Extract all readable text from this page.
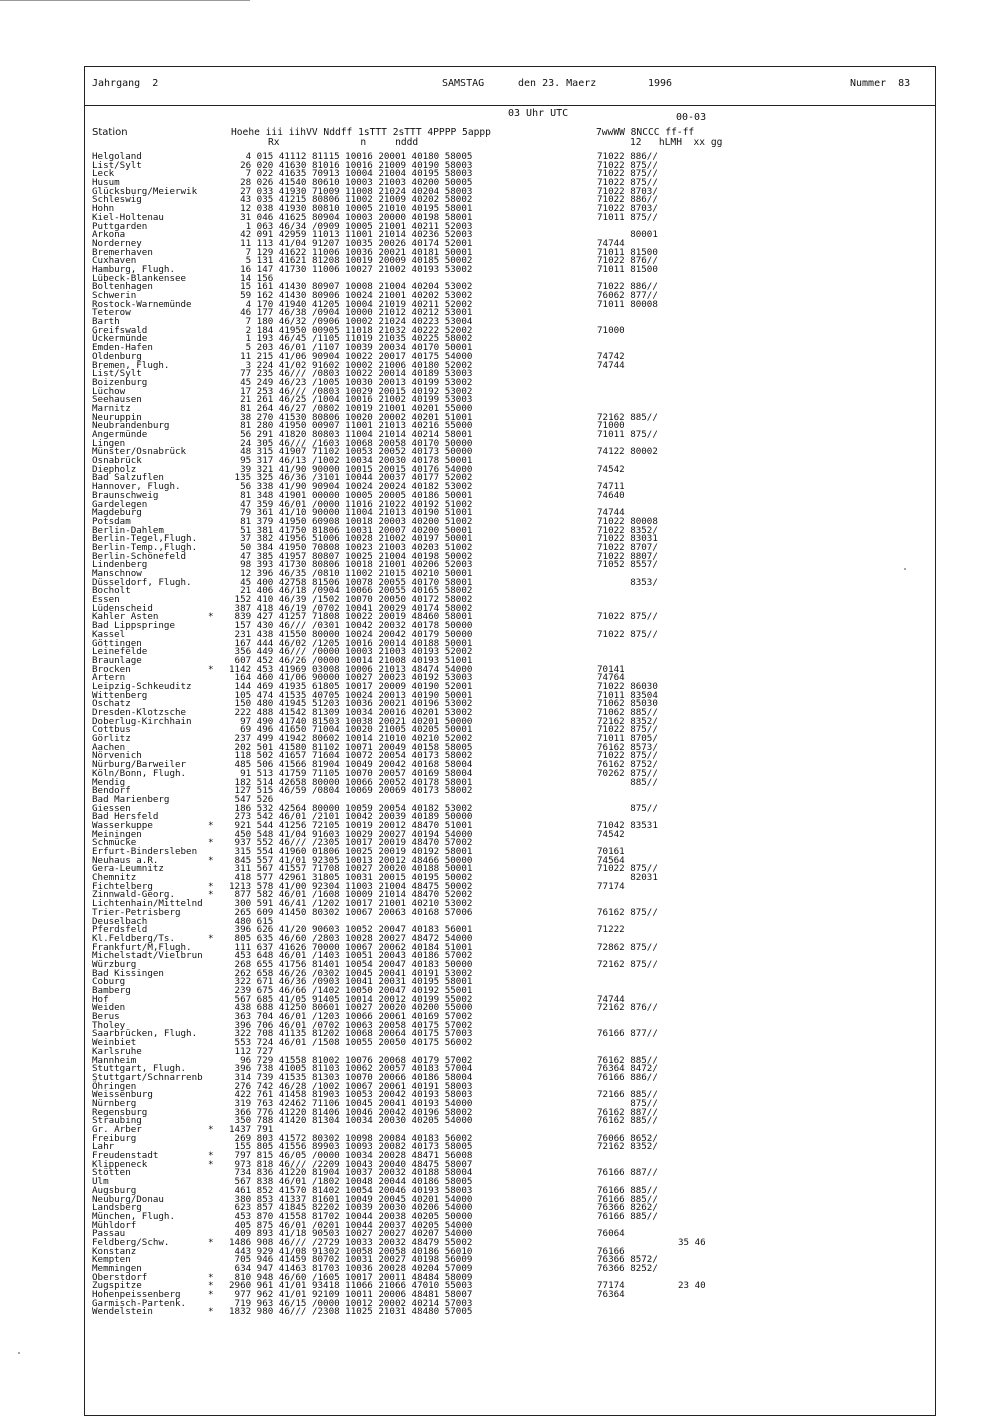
Jahrgang  2	SAMSTAG	den 23. Maerz	1996	Nummer  83
03 Uhr UTC	00-03
Station	Hoehe iii iihVV Nddff 1sTTT 2sTTT 4PPPP 5appp
Rx              n     nddd
7wwWW 8NCCC ff-ff
12   hLMH  xx gg
Helgoland	4 015 41112 81115 10016 20001 40180 58005	71022 886//
List/Sylt	26 020 41630 81016 10016 21009 40190 58003	71022 875//
Leck	7 022 41635 70913 10004 21004 40195 58003	71022 875//
Husum	28 026 41540 80610 10003 21003 40200 50005	71022 875//
Glücksburg/Meierwik	27 033 41930 71009 11008 21024 40204 58003	71022 8703/
Schleswig	43 035 41215 80806 11002 21009 40202 58002	71022 886//
Hohn	12 038 41930 80810 10005 21010 40195 58001	71022 8703/
Kiel-Holtenau	31 046 41625 80904 10003 20000 40198 58001	71011 875//
Puttgarden	1 063 46/34 /0909 10005 21001 40211 52003
Arkona	42 091 42959 11013 11001 21014 40236 52003	80001
Norderney	11 113 41/04 91207 10035 20026 40174 52001	74744
Bremerhaven	7 129 41622 11006 10036 20021 40181 50001	71011 81500
Cuxhaven	5 131 41621 81208 10019 20009 40185 50002	71022 876//
Hamburg, Flugh.	16 147 41730 11006 10027 21002 40193 53002	71011 81500
Lübeck-Blankensee	14 156
Boltenhagen	15 161 41430 80907 10008 21004 40204 53002	71022 886//
Schwerin	59 162 41430 80906 10024 21001 40202 53002	76062 877//
Rostock-Warnemünde	4 170 41940 41205 10004 21019 40211 52002	71011 80008
Teterow	46 177 46/38 /0904 10000 21012 40212 53001
Barth	7 180 46/32 /0906 10002 21024 40223 53004
Greifswald	2 184 41950 00905 11018 21032 40222 52002	71000
Ückermünde	1 193 46/45 /1105 11019 21035 40225 58002
Emden-Hafen	5 203 46/01 /1107 10039 20034 40170 50001
Oldenburg	11 215 41/06 90904 10022 20017 40175 54000	74742
Bremen, Flugh.	3 224 41/02 91602 10002 21006 40180 52002	74744
List/Sylt	77 235 46/// /0803 10022 20014 40189 53003
Boizenburg	45 249 46/23 /1005 10030 20013 40199 53002
Lüchow	17 253 46/// /0803 10029 20015 40192 53002
Seehausen	21 261 46/25 /1004 10016 21002 40199 53003
Marnitz	81 264 46/27 /0802 10019 21001 40201 55000
Neuruppin	38 270 41530 80806 10020 20002 40201 51001	72162 885//
Neubrandenburg	81 280 41950 00907 11001 21013 40216 55000	71000
Angermünde	56 291 41820 80803 11004 21014 40214 58001	71011 875//
Lingen	24 305 46/// /1603 10068 20058 40170 50000
Münster/Osnabrück	48 315 41907 71102 10053 20052 40173 50000	74122 80002
Osnabrück	95 317 46/13 /1002 10034 20030 40178 50001
Diepholz	39 321 41/90 90000 10015 20015 40176 54000	74542
Bad Salzuflen	135 325 46/36 /3101 10044 20037 40177 52002
Hannover, Flugh.	56 338 41/90 90904 10024 20024 40182 53002	74711
Braunschweig	81 348 41901 00000 10005 20005 40186 50001	74640
Gardelegen	47 359 46/01 /0000 11016 21022 40192 51002
Magdeburg	79 361 41/10 90000 11004 21013 40190 51001	74744
Potsdam	81 379 41950 60908 10018 20003 40200 51002	71022 80008
Berlin-Dahlem	51 381 41750 81806 10031 20007 40200 50001	71022 8352/
Berlin-Tegel,Flugh.	37 382 41956 51006 10028 21002 40197 50001	71022 83031
Berlin-Temp.,Flugh.	50 384 41950 70808 10023 21003 40203 51002	71022 8707/
Berlin-Schönefeld	47 385 41957 80807 10025 21004 40198 50002	71022 8807/
Lindenberg	98 393 41730 80806 10018 21001 40206 52003	71052 8557/
Manschnow	12 396 46/35 /0810 11002 21015 40210 50001
Düsseldorf, Flugh.	45 400 42758 81506 10078 20055 40170 58001	8353/
Bocholt	21 406 46/18 /0904 10066 20055 40165 58002
Essen	152 410 46/39 /1502 10070 20050 40172 58002
Lüdenscheid	387 418 46/19 /0702 10041 20029 40174 58002
Kahler Asten	* 839 427 41257 71808 10022 20019 48460 58001	71022 875//
Bad Lippspringe	157 430 46/// /0301 10042 20032 40178 50000
Kassel	231 438 41550 80000 10024 20042 40179 50000	71022 875//
Göttingen	167 444 46/02 /1205 10016 20014 40188 50001
Leinefelde	356 449 46/// /0000 10003 21003 40193 52002
Braunlage	607 452 46/26 /0000 10014 21008 40193 51001
Brocken	* 1142 453 41969 03008 10006 21013 48474 54000	70141
Artern	164 460 41/06 90000 10027 20023 40192 53003	74764
Leipzig-Schkeuditz	144 469 41935 61805 10017 20009 40190 52001	71022 86030
Wittenberg	105 474 41535 40705 10024 20013 40190 50001	71011 83504
Oschatz	150 480 41945 51203 10036 20021 40196 53002	71062 85030
Dresden-Klotzsche	222 488 41542 81309 10034 20016 40201 53002	71062 885//
Doberlug-Kirchhain	97 490 41740 81503 10038 20021 40201 50000	72162 8352/
Cottbus	69 496 41650 71004 10020 21005 40205 50001	71022 875//
Görlitz	237 499 41942 80602 10014 21010 40210 52002	71011 8705/
Aachen	202 501 41580 81102 10071 20049 40158 58005	76162 8573/
Nörvenich	118 502 41657 71604 10072 20054 40173 58002	71022 875//
Nürburg/Barweiler	485 506 41566 81904 10049 20042 40168 58004	76162 8752/
Köln/Bonn, Flugh.	91 513 41759 71105 10070 20057 40169 58004	70262 875//
Mendig	182 514 42658 80000 10066 20052 40178 58001	885//
Bendorf	127 515 46/59 /0804 10069 20069 40173 58002
Bad Marienberg	547 526
Giessen	186 532 42564 80000 10059 20054 40182 53002	875//
Bad Hersfeld	273 542 46/01 /2101 10042 20039 40189 50000
Wasserkuppe	* 921 544 41256 72105 10019 20012 48470 51001	71042 83531
Meiningen	450 548 41/04 91603 10029 20027 40194 54000	74542
Schmücke	* 937 552 46/// /2305 10017 20019 48470 57002
Erfurt-Bindersleben	315 554 41960 01806 10025 20019 40192 58001	70161
Neuhaus a.R.	* 845 557 41/01 92305 10013 20012 48466 50000	74564
Gera-Leumnitz	311 567 41557 71708 10027 20020 40188 50001	71022 875//
Chemnitz	418 577 42961 31805 10031 20015 40195 50002	82031
Fichtelberg	* 1213 578 41/00 92304 11003 21004 48475 50002	77174
Zinnwald-Georg.	* 877 582 46/01 /1608 10009 21014 48470 52002
Lichtenhain/Mittelnd	300 591 46/41 /1202 10017 21001 40210 53002
Trier-Petrisberg	265 609 41450 80302 10067 20063 40168 57006	76162 875//
Deuselbach	480 615
Pferdsfeld	396 626 41/20 90603 10052 20047 40183 56001	71222
Kl.Feldberg/Ts.	* 805 635 46/60 /2803 10028 20027 48472 54000
Frankfurt/M,Flugh.	111 637 41626 70000 10067 20062 40184 51001	72862 875//
Michelstadt/Vielbrun	453 648 46/01 /1403 10051 20043 40186 57002
Würzburg	268 655 41756 81401 10054 20047 40183 50000	72162 875//
Bad Kissingen	262 658 46/26 /0302 10045 20041 40191 53002
Coburg	322 671 46/36 /0903 10041 20031 40195 58001
Bamberg	239 675 46/66 /1402 10050 20047 40192 55001
Hof	567 685 41/05 91405 10014 20012 40199 55002	74744
Weiden	438 688 41250 80601 10027 20020 40200 55000	72162 876//
Berus	363 704 46/01 /1203 10066 20061 40169 57002
Tholey	396 706 46/01 /0702 10063 20058 40175 57002
Saarbrücken, Flugh.	322 708 41135 81202 10068 20064 40175 57003	76166 877//
Weinbiet	553 724 46/01 /1508 10055 20050 40175 56002
Karlsruhe	112 727
Mannheim	96 729 41558 81002 10076 20068 40179 57002	76162 885//
Stuttgart, Flugh.	396 738 41005 81103 10062 20057 40183 57004	76364 8472/
Stuttgart/Schnarrenb	314 739 41535 81303 10070 20066 40186 58004	76166 886//
Öhringen	276 742 46/28 /1002 10067 20061 40191 58003
Weissenburg	422 761 41458 81903 10053 20042 40193 58003	72166 885//
Nürnberg	319 763 42462 71106 10045 20041 40193 54000	875//
Regensburg	366 776 41220 81406 10046 20042 40196 58002	76162 887//
Straubing	350 788 41420 81304 10034 20030 40205 54000	76162 885//
Gr. Arber	* 1437 791
Freiburg	269 803 41572 80302 10098 20084 40183 56002	76066 8652/
Lahr	155 805 41556 89903 10093 20082 40173 58005	72162 8352/
Freudenstadt	* 797 815 46/05 /0000 10034 20028 48471 56008
Klippeneck	* 973 818 46/// /2209 10043 20040 48475 58007
Stötten	734 836 41220 81904 10037 20032 40188 58004	76166 887//
Ulm	567 838 46/01 /1802 10048 20044 40186 58005
Augsburg	461 852 41570 81402 10054 20046 40193 58003	76166 885//
Neuburg/Donau	380 853 41337 81601 10049 20045 40201 54000	76166 885//
Landsberg	623 857 41845 82202 10039 20030 40206 54000	76366 8262/
München, Flugh.	453 870 41558 81702 10044 20038 40205 50000	76166 885//
Mühldorf	405 875 46/01 /0201 10044 20037 40205 54000
Passau	409 893 41/18 90503 10027 20027 40207 54000	76064
Feldberg/Schw.	* 1486 908 46/// /2729 10033 20032 48479 55002	35 46
Konstanz	443 929 41/08 91302 10058 20058 40186 56010	76166
Kempten	705 946 41459 80702 10031 20027 40198 56009	76366 8572/
Memmingen	634 947 41463 81703 10036 20028 40204 57009	76366 8252/
Oberstdorf	* 810 948 46/60 /1605 10017 20011 48484 58009
Zugspitze	* 2960 961 41/01 93418 11066 21066 47010 55003	77174	23 40
Hohenpeissenberg	* 977 962 41/01 92109 10011 20006 48481 58007	76364
Garmisch-Partenk.	719 963 46/15 /0000 10012 20002 40214 57003
Wendelstein	* 1832 980 46/// /2308 11025 21031 48480 57005
